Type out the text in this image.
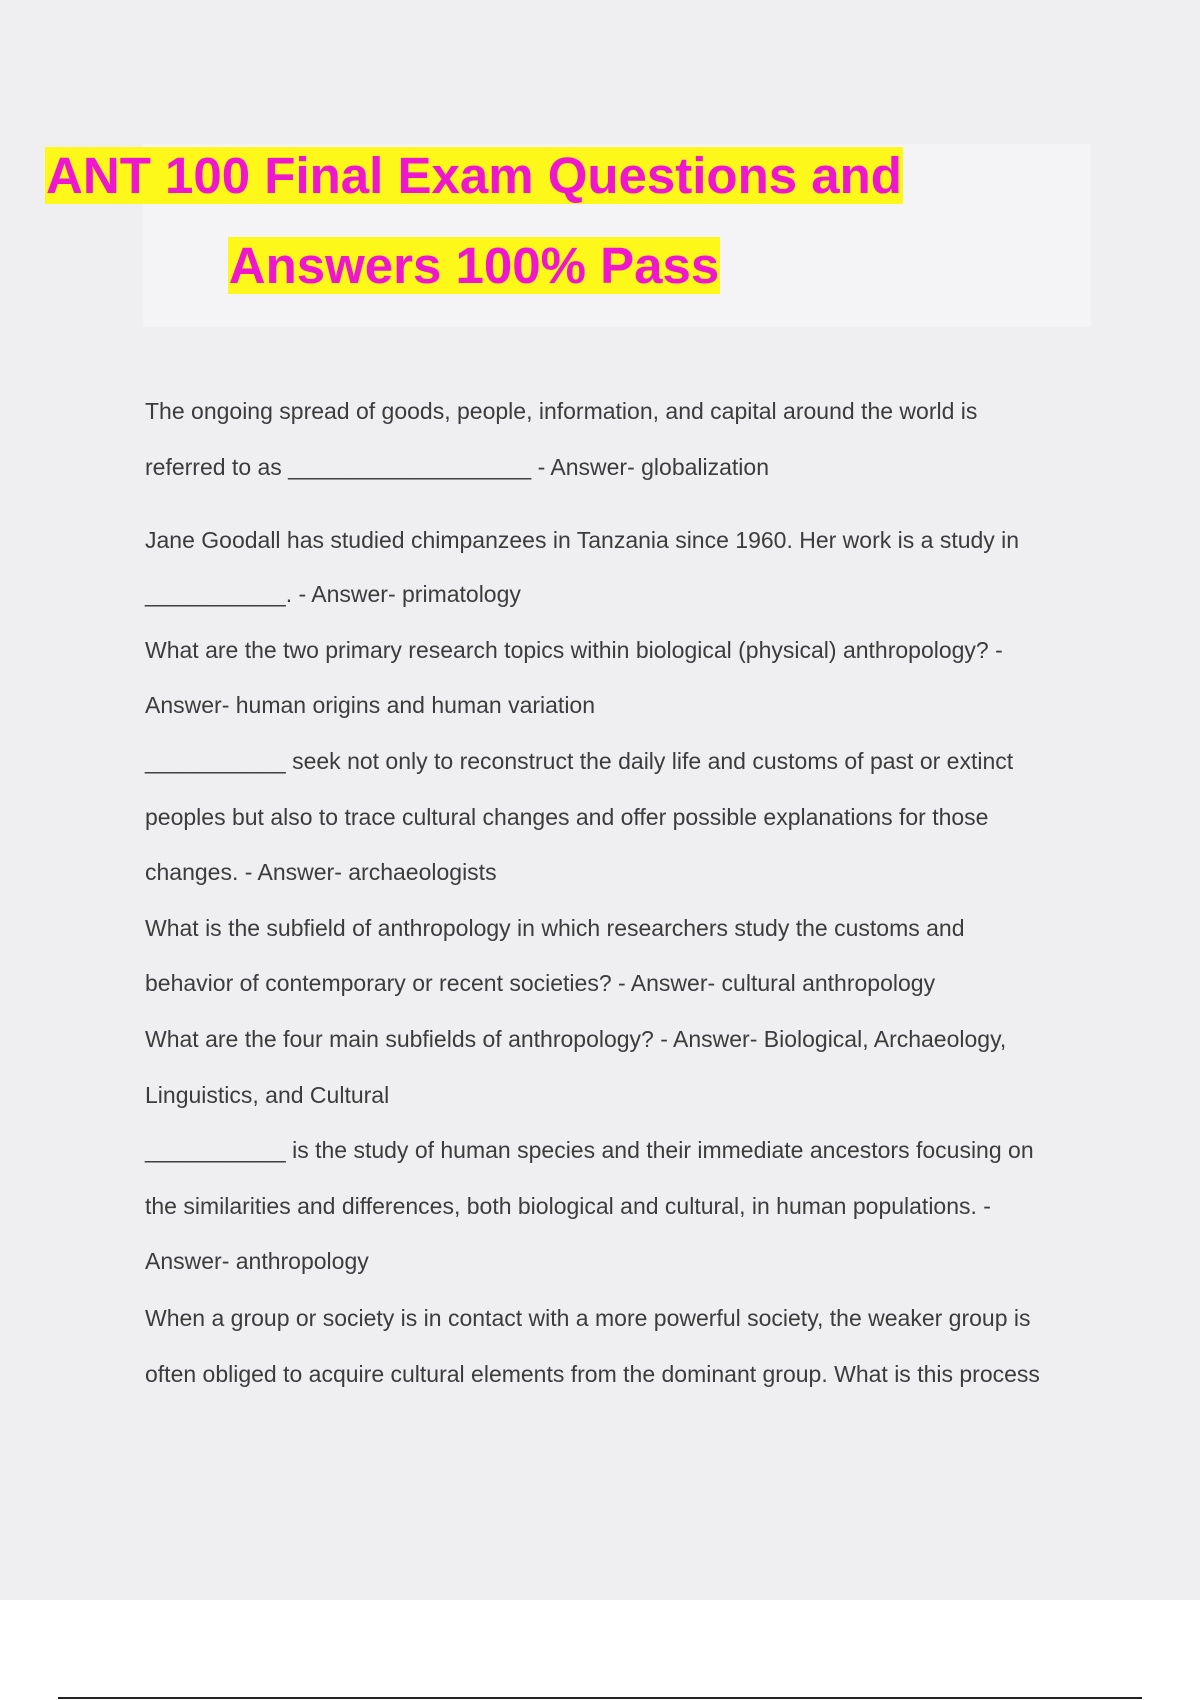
ANT 100 Final Exam Questions and
Answers 100% Pass
The ongoing spread of goods, people, information, and capital around the world is
referred to as ___________________ - Answer- globalization
Jane Goodall has studied chimpanzees in Tanzania since 1960. Her work is a study in
___________. - Answer- primatology
What are the two primary research topics within biological (physical) anthropology? -
Answer- human origins and human variation
___________ seek not only to reconstruct the daily life and customs of past or extinct
peoples but also to trace cultural changes and offer possible explanations for those
changes. - Answer- archaeologists
What is the subfield of anthropology in which researchers study the customs and
behavior of contemporary or recent societies? - Answer- cultural anthropology
What are the four main subfields of anthropology? - Answer- Biological, Archaeology,
Linguistics, and Cultural
___________ is the study of human species and their immediate ancestors focusing on
the similarities and differences, both biological and cultural, in human populations. -
Answer- anthropology
When a group or society is in contact with a more powerful society, the weaker group is
often obliged to acquire cultural elements from the dominant group. What is this process
